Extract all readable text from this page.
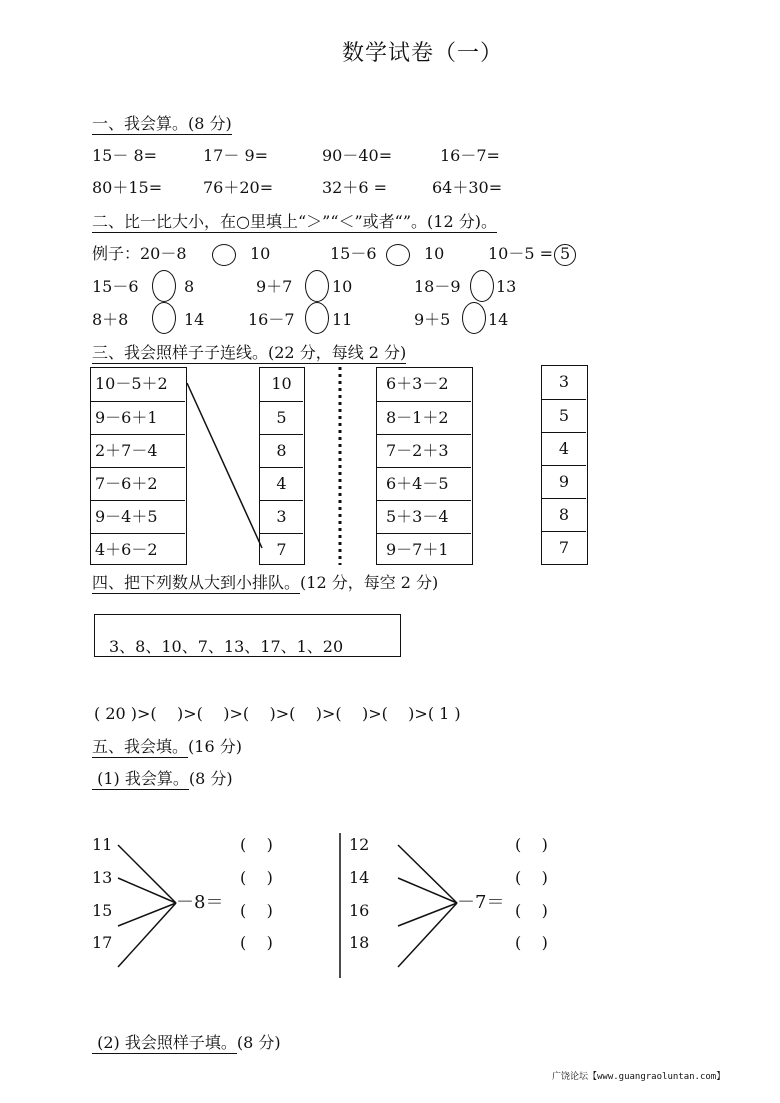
数学试卷（一）
一、我会算。(8 分)
15－ 8=	17－ 9=	90－40=	16－7=
80＋15=	76＋20=	32＋6 =	64＋30=
二、比一比大小，在○里填上“＞”“＜”或者“”。(12 分)。
例子：20－8	10	15－6	10	10－5 = 5
15－6	8	9＋7 10	18－9 13
8＋8	14	16－7 11	9＋5 14
三、我会照样子子连线。(22 分，每线 2 分)
10－5＋2
9－6＋1
2＋7－4
7－6＋2
9－4＋5
4＋6－2
10
5
8
4
3
7
6＋3－2
8－1＋2
7－2＋3
6＋4－5
5＋3－4
9－7＋1
3
5
4
9
8
7
四、把下列数从大到小排队。(12 分，每空 2 分)
3、8、10、7、13、17、1、20
( 20 )>(    )>(    )>(    )>(    )>(    )>(    )>( 1 )
五、我会填。(16 分)
(1) 我会算。(8 分)
11
13
15
17
－8＝
(    )
(    )
(    )
(    )
12
14
16
18
－7＝
(    )
(    )
(    )
(    )
(2) 我会照样子填。(8 分)
广饶论坛【www.guangraoluntan.com】
